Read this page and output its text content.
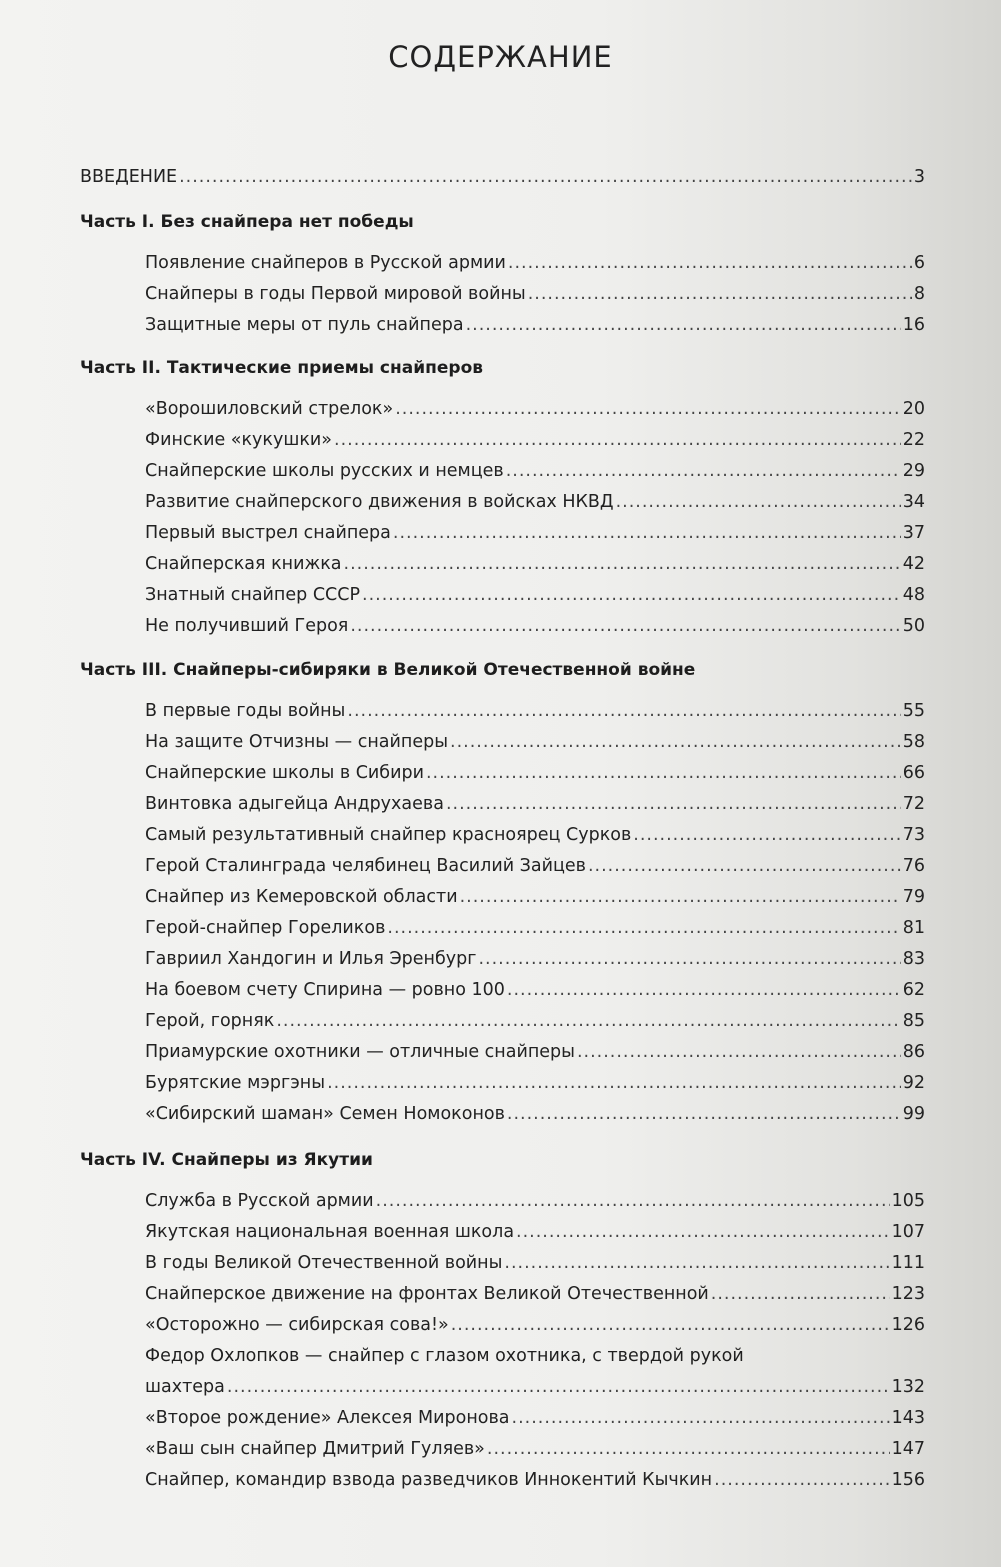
СОДЕРЖАНИЕ
ВВЕДЕНИЕ .....	3
Часть I. Без снайпера нет победы
Появление снайперов в Русской армии .....	6
Снайперы в годы Первой мировой войны .....	8
Защитные меры от пуль снайпера .....	16
Часть II. Тактические приемы снайперов
«Ворошиловский стрелок» .....	20
Финские «кукушки» .....	22
Снайперские школы русских и немцев .....	29
Развитие снайперского движения в войсках НКВД .....	34
Первый выстрел снайпера .....	37
Снайперская книжка .....	42
Знатный снайпер СССР .....	48
Не получивший Героя .....	50
Часть III. Снайперы-сибиряки в Великой Отечественной войне
В первые годы войны .....	55
На защите Отчизны — снайперы .....	58
Снайперские школы в Сибири .....	66
Винтовка адыгейца Андрухаева .....	72
Самый результативный снайпер красноярец Сурков .....	73
Герой Сталинграда челябинец Василий Зайцев .....	76
Снайпер из Кемеровской области .....	79
Герой-снайпер Гореликов .....	81
Гавриил Хандогин и Илья Эренбург .....	83
На боевом счету Спирина — ровно 100 .....	62
Герой, горняк .....	85
Приамурские охотники — отличные снайперы .....	86
Бурятские мэргэны .....	92
«Сибирский шаман» Семен Номоконов .....	99
Часть IV. Снайперы из Якутии
Служба в Русской армии .....	105
Якутская национальная военная школа .....	107
В годы Великой Отечественной войны .....	111
Снайперское движение на фронтах Великой Отечественной .....	123
«Осторожно — сибирская сова!» .....	126
Федор Охлопков — снайпер с глазом охотника, с твердой рукой
шахтера .....	132
«Второе рождение» Алексея Миронова .....	143
«Ваш сын снайпер Дмитрий Гуляев» .....	147
Снайпер, командир взвода разведчиков Иннокентий Кычкин .....	156
